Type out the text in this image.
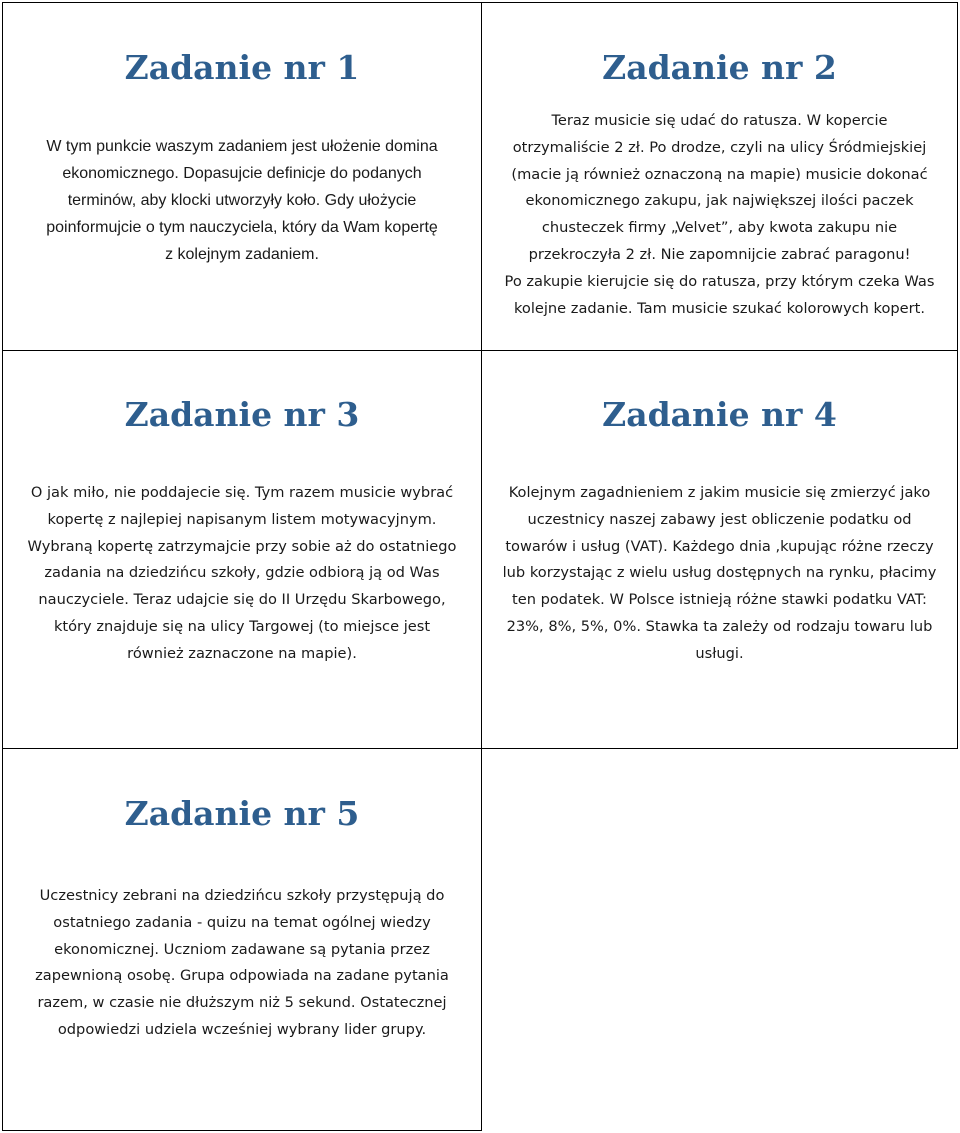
Zadanie nr 1
W tym punkcie waszym zadaniem jest ułożenie domina
ekonomicznego. Dopasujcie definicje do podanych
terminów, aby klocki utworzyły koło. Gdy ułożycie
poinformujcie o tym nauczyciela, który da Wam kopertę
z kolejnym zadaniem.
Zadanie nr 2
Teraz musicie się udać do ratusza. W kopercie
otrzymaliście 2 zł. Po drodze, czyli na ulicy Śródmiejskiej
(macie ją również oznaczoną na mapie) musicie dokonać
ekonomicznego zakupu, jak największej ilości paczek
chusteczek firmy „Velvet”, aby kwota zakupu nie
przekroczyła 2 zł. Nie zapomnijcie zabrać paragonu!
Po zakupie kierujcie się do ratusza, przy którym czeka Was
kolejne zadanie. Tam musicie szukać kolorowych kopert.
Zadanie nr 3
O jak miło, nie poddajecie się. Tym razem musicie wybrać
kopertę z najlepiej napisanym listem motywacyjnym.
Wybraną kopertę zatrzymajcie przy sobie aż do ostatniego
zadania na dziedzińcu szkoły, gdzie odbiorą ją od Was
nauczyciele. Teraz udajcie się do II Urzędu Skarbowego,
który znajduje się na ulicy Targowej (to miejsce jest
również zaznaczone na mapie).
Zadanie nr 4
Kolejnym zagadnieniem z jakim musicie się zmierzyć jako
uczestnicy naszej zabawy jest obliczenie podatku od
towarów i usług (VAT). Każdego dnia ,kupując różne rzeczy
lub korzystając z wielu usług dostępnych na rynku, płacimy
ten podatek. W Polsce istnieją różne stawki podatku VAT:
23%, 8%, 5%, 0%. Stawka ta zależy od rodzaju towaru lub
usługi.
Zadanie nr 5
Uczestnicy zebrani na dziedzińcu szkoły przystępują do
ostatniego zadania - quizu na temat ogólnej wiedzy
ekonomicznej. Uczniom zadawane są pytania przez
zapewnioną osobę. Grupa odpowiada na zadane pytania
razem, w czasie nie dłuższym niż 5 sekund. Ostatecznej
odpowiedzi udziela wcześniej wybrany lider grupy.
